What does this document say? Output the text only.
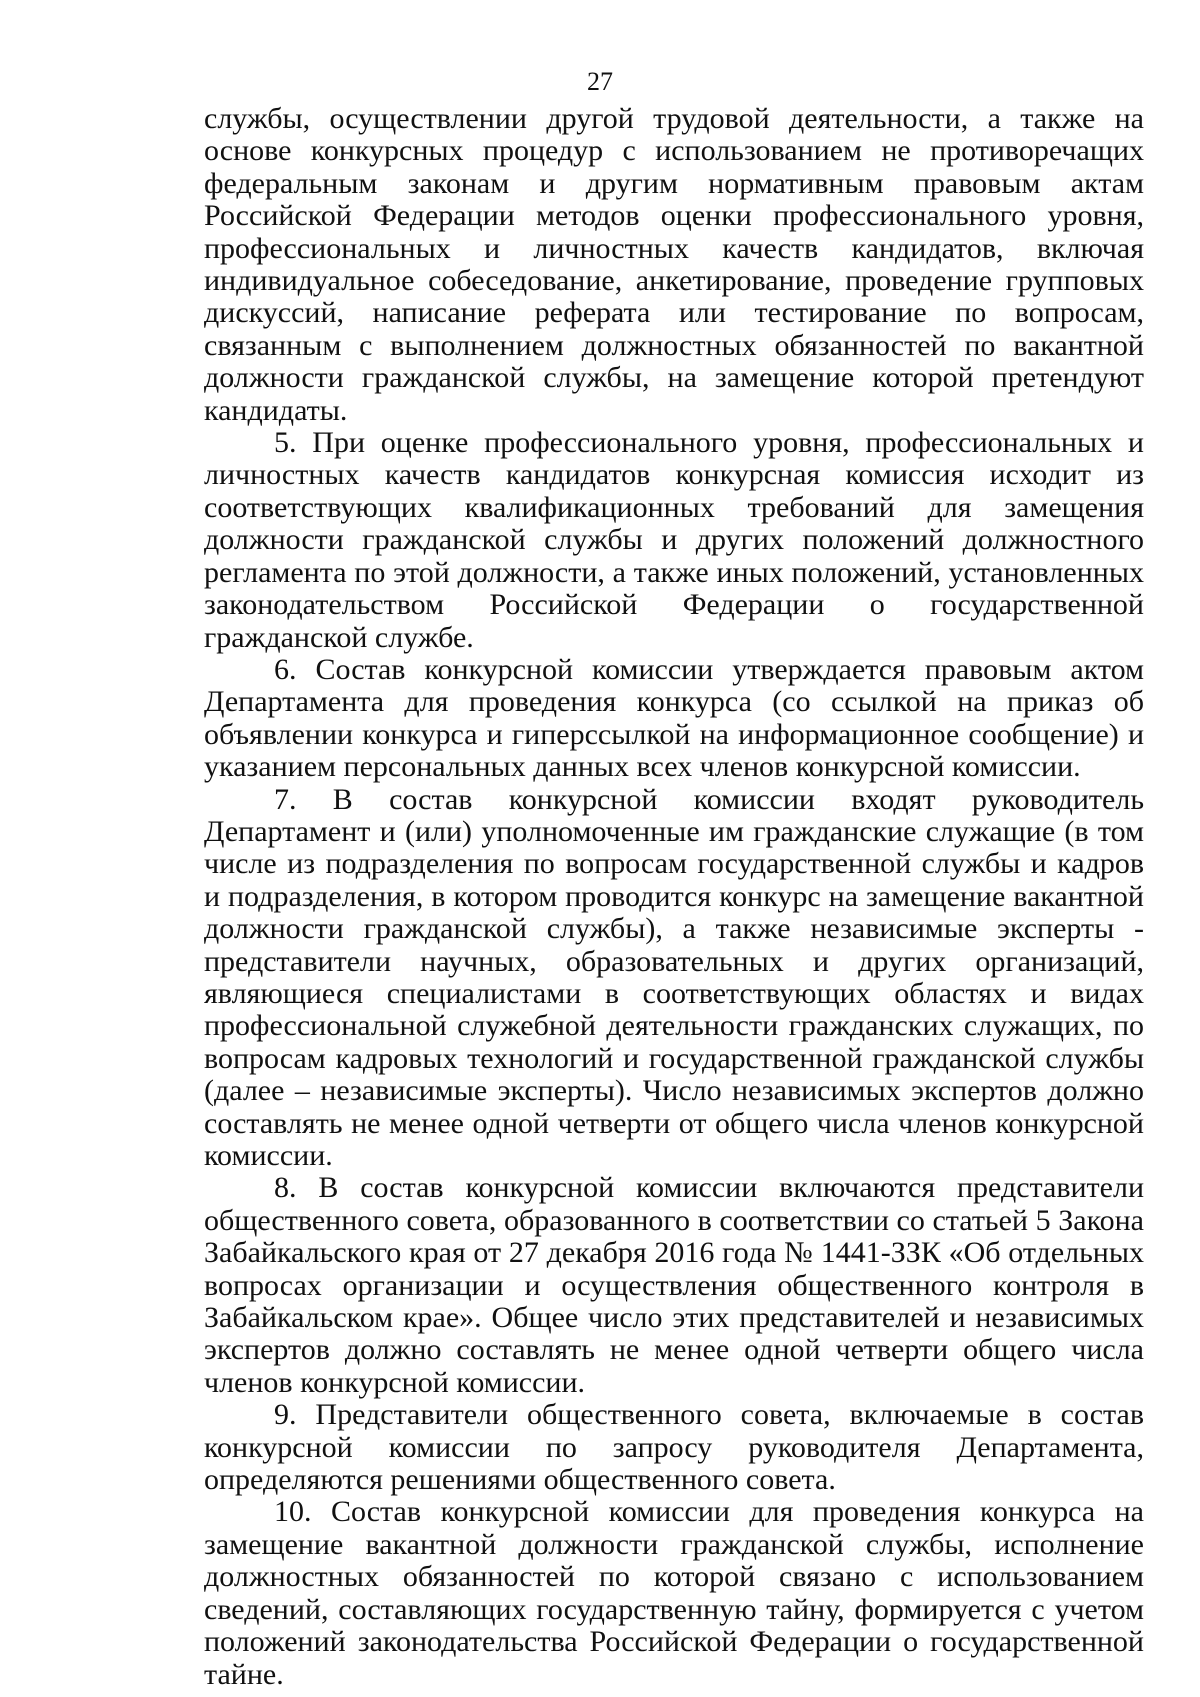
27

службы, осуществлении другой трудовой деятельности, а также на основе конкурсных процедур с использованием не противоречащих федеральным законам и другим нормативным правовым актам Российской Федерации методов оценки профессионального уровня, профессиональных и личностных качеств кандидатов, включая индивидуальное собеседование, анкетирование, проведение групповых дискуссий, написание реферата или тестирование по вопросам, связанным с выполнением должностных обязанностей по вакантной должности гражданской службы, на замещение которой претендуют кандидаты.

5. При оценке профессионального уровня, профессиональных и личностных качеств кандидатов конкурсная комиссия исходит из соответствующих квалификационных требований для замещения должности гражданской службы и других положений должностного регламента по этой должности, а также иных положений, установленных законодательством Российской Федерации о государственной гражданской службе.

6. Состав конкурсной комиссии утверждается правовым актом Департамента для проведения конкурса (со ссылкой на приказ об объявлении конкурса и гиперссылкой на информационное сообщение) и указанием персональных данных всех членов конкурсной комиссии.

7. В состав конкурсной комиссии входят руководитель Департамент и (или) уполномоченные им гражданские служащие (в том числе из подразделения по вопросам государственной службы и кадров и подразделения, в котором проводится конкурс на замещение вакантной должности гражданской службы), а также независимые эксперты - представители научных, образовательных и других организаций, являющиеся специалистами в соответствующих областях и видах профессиональной служебной деятельности гражданских служащих, по вопросам кадровых технологий и государственной гражданской службы (далее – независимые эксперты). Число независимых экспертов должно составлять не менее одной четверти от общего числа членов конкурсной комиссии.

8. В состав конкурсной комиссии включаются представители общественного совета, образованного в соответствии со статьей 5 Закона Забайкальского края от 27 декабря 2016 года № 1441-ЗЗК «Об отдельных вопросах организации и осуществления общественного контроля в Забайкальском крае». Общее число этих представителей и независимых экспертов должно составлять не менее одной четверти общего числа членов конкурсной комиссии.

9. Представители общественного совета, включаемые в состав конкурсной комиссии по запросу руководителя Департамента, определяются решениями общественного совета.

10. Состав конкурсной комиссии для проведения конкурса на замещение вакантной должности гражданской службы, исполнение должностных обязанностей по которой связано с использованием сведений, составляющих государственную тайну, формируется с учетом положений законодательства Российской Федерации о государственной тайне.
